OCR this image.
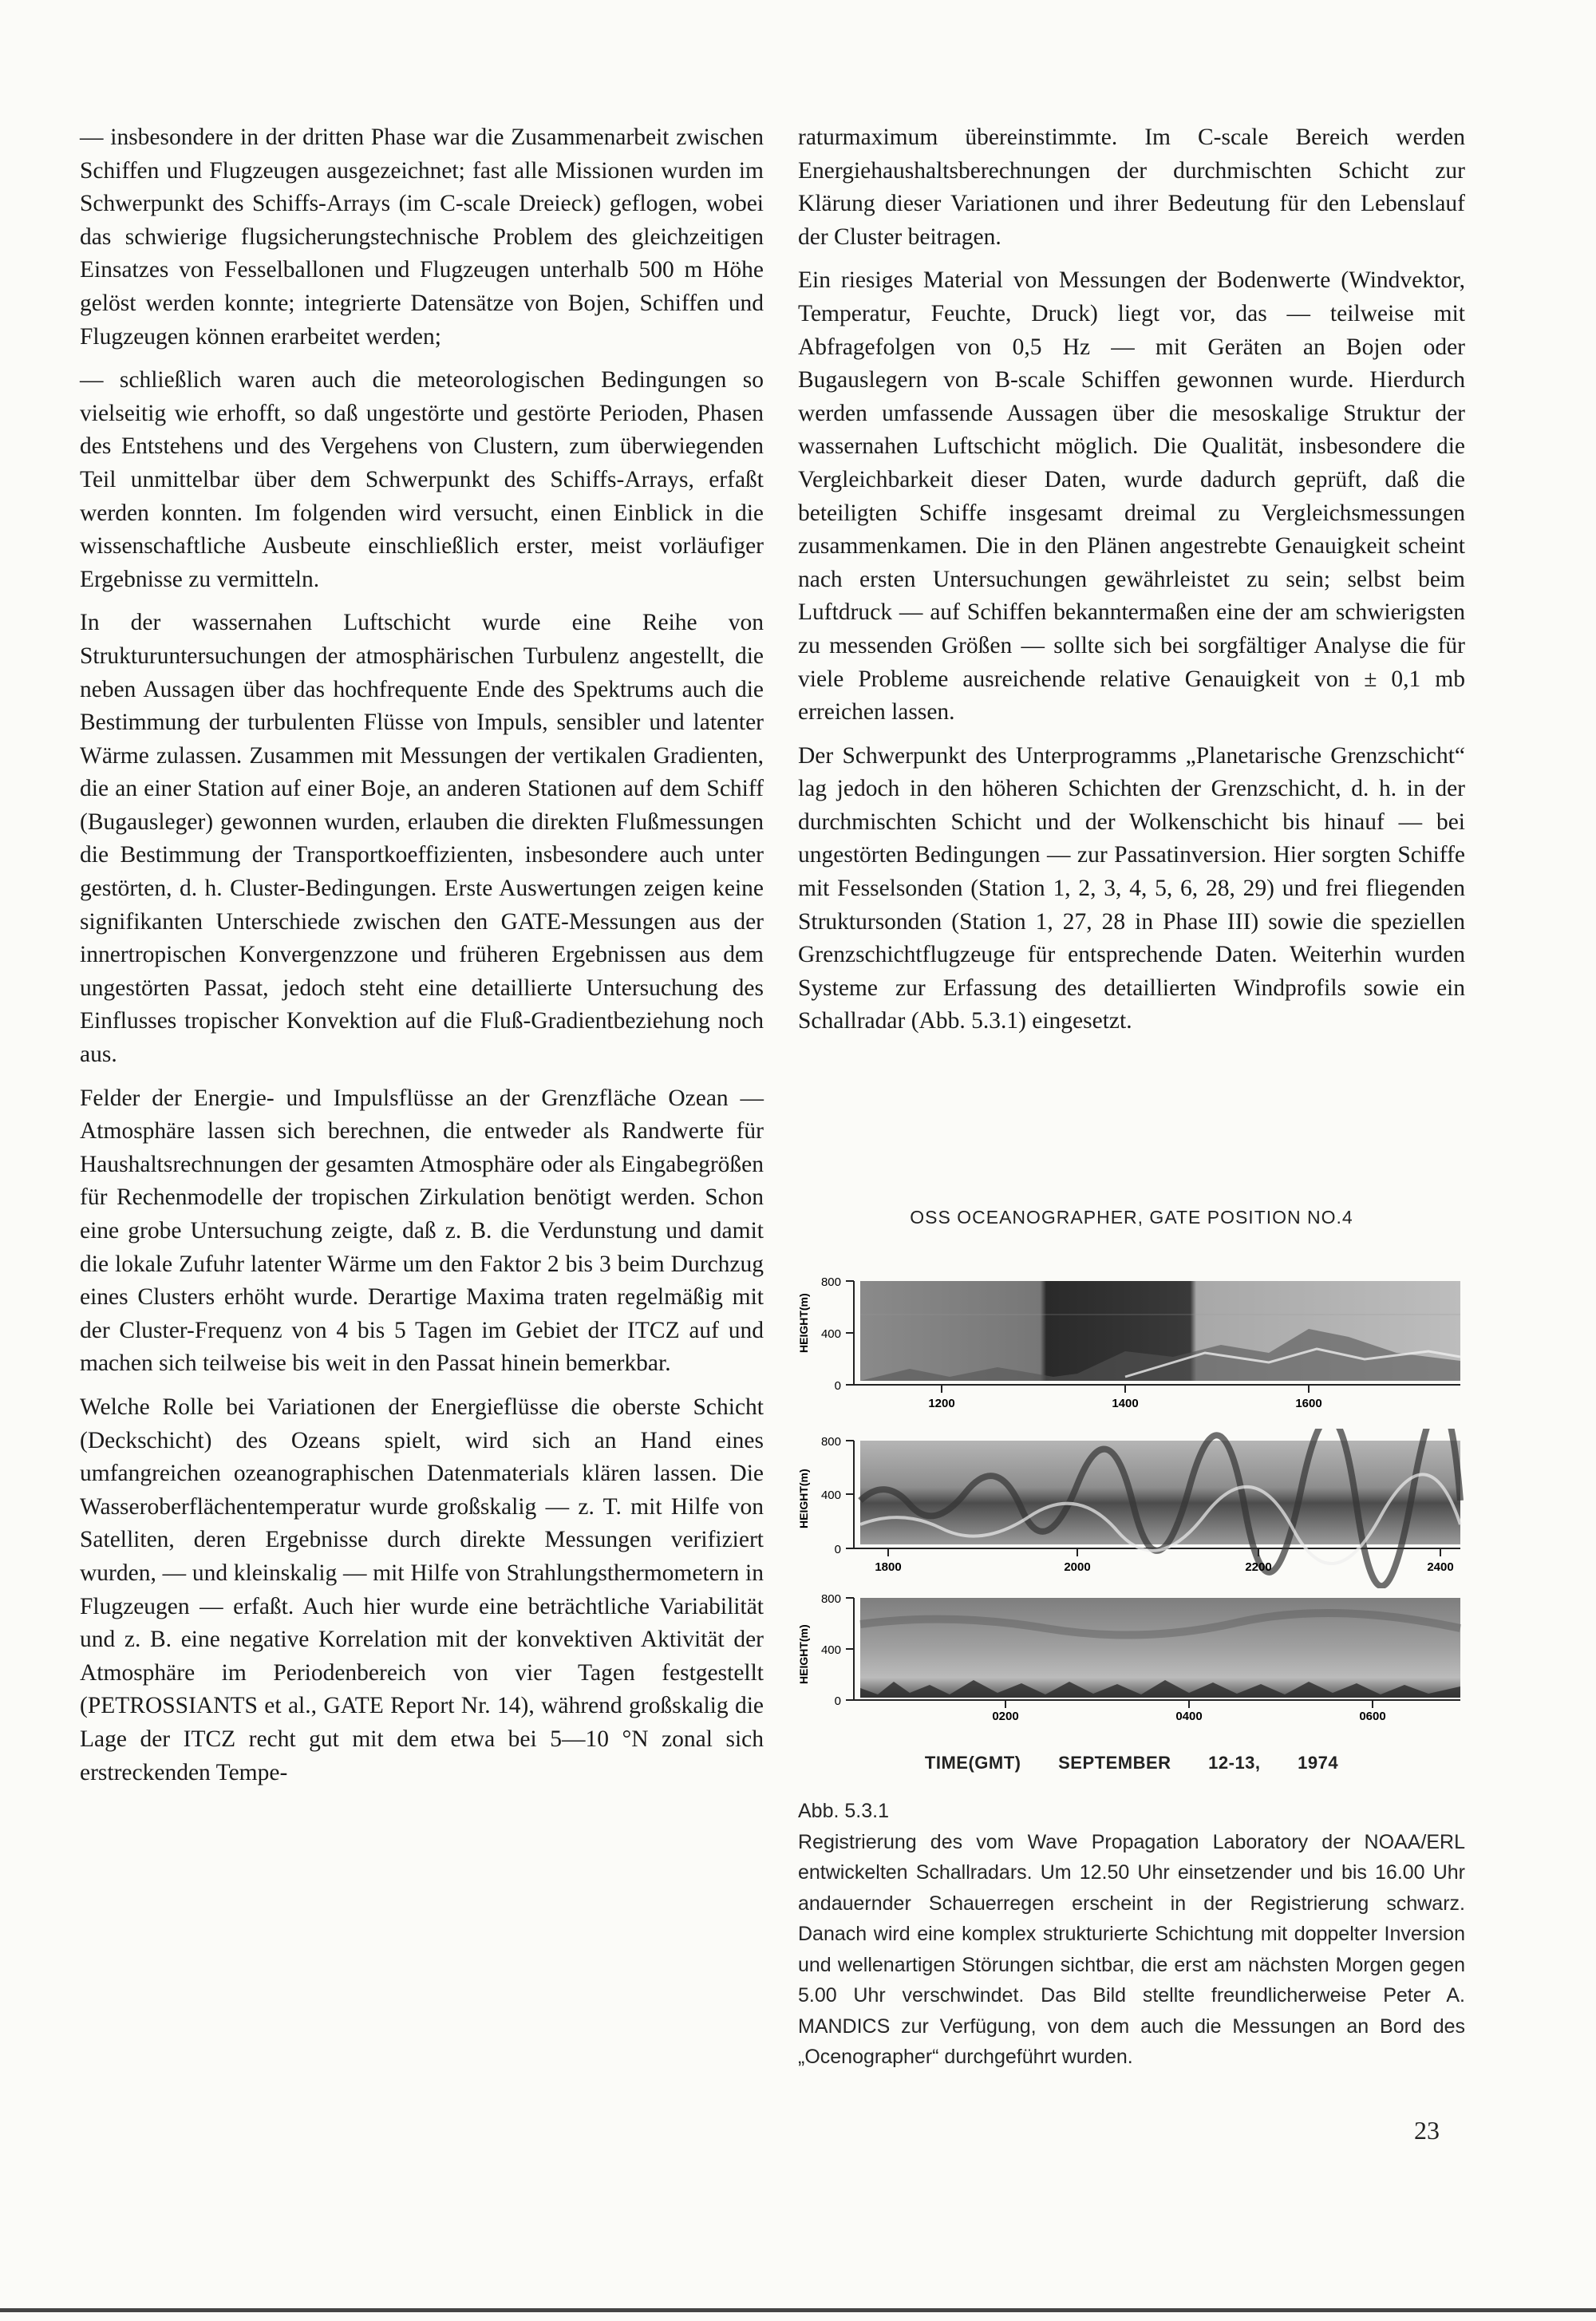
— insbesondere in der dritten Phase war die Zusammenarbeit zwischen Schiffen und Flugzeugen ausgezeichnet; fast alle Missionen wurden im Schwerpunkt des Schiffs-Arrays (im C-scale Dreieck) geflogen, wobei das schwierige flugsicherungstechnische Problem des gleichzeitigen Einsatzes von Fesselballonen und Flugzeugen unterhalb 500 m Höhe gelöst werden konnte; integrierte Datensätze von Bojen, Schiffen und Flugzeugen können erarbeitet werden;

— schließlich waren auch die meteorologischen Bedingungen so vielseitig wie erhofft, so daß ungestörte und gestörte Perioden, Phasen des Entstehens und des Vergehens von Clustern, zum überwiegenden Teil unmittelbar über dem Schwerpunkt des Schiffs-Arrays, erfaßt werden konnten. Im folgenden wird versucht, einen Einblick in die wissenschaftliche Ausbeute einschließlich erster, meist vorläufiger Ergebnisse zu vermitteln.

In der wassernahen Luftschicht wurde eine Reihe von Strukturuntersuchungen der atmosphärischen Turbulenz angestellt, die neben Aussagen über das hochfrequente Ende des Spektrums auch die Bestimmung der turbulenten Flüsse von Impuls, sensibler und latenter Wärme zulassen. Zusammen mit Messungen der vertikalen Gradienten, die an einer Station auf einer Boje, an anderen Stationen auf dem Schiff (Bugausleger) gewonnen wurden, erlauben die direkten Flußmessungen die Bestimmung der Transportkoeffizienten, insbesondere auch unter gestörten, d. h. Cluster-Bedingungen. Erste Auswertungen zeigen keine signifikanten Unterschiede zwischen den GATE-Messungen aus der innertropischen Konvergenzzone und früheren Ergebnissen aus dem ungestörten Passat, jedoch steht eine detaillierte Untersuchung des Einflusses tropischer Konvektion auf die Fluß-Gradientbeziehung noch aus.

Felder der Energie- und Impulsflüsse an der Grenzfläche Ozean — Atmosphäre lassen sich berechnen, die entweder als Randwerte für Haushaltsrechnungen der gesamten Atmosphäre oder als Eingabegrößen für Rechenmodelle der tropischen Zirkulation benötigt werden. Schon eine grobe Untersuchung zeigte, daß z. B. die Verdunstung und damit die lokale Zufuhr latenter Wärme um den Faktor 2 bis 3 beim Durchzug eines Clusters erhöht wurde. Derartige Maxima traten regelmäßig mit der Cluster-Frequenz von 4 bis 5 Tagen im Gebiet der ITCZ auf und machen sich teilweise bis weit in den Passat hinein bemerkbar.

Welche Rolle bei Variationen der Energieflüsse die oberste Schicht (Deckschicht) des Ozeans spielt, wird sich an Hand eines umfangreichen ozeanographischen Datenmaterials klären lassen. Die Wasseroberflächentemperatur wurde großskalig — z. T. mit Hilfe von Satelliten, deren Ergebnisse durch direkte Messungen verifiziert wurden, — und kleinskalig — mit Hilfe von Strahlungsthermometern in Flugzeugen — erfaßt. Auch hier wurde eine beträchtliche Variabilität und z. B. eine negative Korrelation mit der konvektiven Aktivität der Atmosphäre im Periodenbereich von vier Tagen festgestellt (PETROSSIANTS et al., GATE Report Nr. 14), während großskalig die Lage der ITCZ recht gut mit dem etwa bei 5—10 °N zonal sich erstreckenden Tempe-

raturmaximum übereinstimmte. Im C-scale Bereich werden Energiehaushaltsberechnungen der durchmischten Schicht zur Klärung dieser Variationen und ihrer Bedeutung für den Lebenslauf der Cluster beitragen.

Ein riesiges Material von Messungen der Bodenwerte (Windvektor, Temperatur, Feuchte, Druck) liegt vor, das — teilweise mit Abfragefolgen von 0,5 Hz — mit Geräten an Bojen oder Bugauslegern von B-scale Schiffen gewonnen wurde. Hierdurch werden umfassende Aussagen über die mesoskalige Struktur der wassernahen Luftschicht möglich. Die Qualität, insbesondere die Vergleichbarkeit dieser Daten, wurde dadurch geprüft, daß die beteiligten Schiffe insgesamt dreimal zu Vergleichsmessungen zusammenkamen. Die in den Plänen angestrebte Genauigkeit scheint nach ersten Untersuchungen gewährleistet zu sein; selbst beim Luftdruck — auf Schiffen bekanntermaßen eine der am schwierigsten zu messenden Größen — sollte sich bei sorgfältiger Analyse die für viele Probleme ausreichende relative Genauigkeit von ± 0,1 mb erreichen lassen.

Der Schwerpunkt des Unterprogramms „Planetarische Grenzschicht“ lag jedoch in den höheren Schichten der Grenzschicht, d. h. in der durchmischten Schicht und der Wolkenschicht bis hinauf — bei ungestörten Bedingungen — zur Passatinversion. Hier sorgten Schiffe mit Fesselsonden (Station 1, 2, 3, 4, 5, 6, 28, 29) und frei fliegenden Struktursonden (Station 1, 27, 28 in Phase III) sowie die speziellen Grenzschichtflugzeuge für entsprechende Daten. Weiterhin wurden Systeme zur Erfassung des detaillierten Windprofils sowie ein Schallradar (Abb. 5.3.1) eingesetzt.

OSS OCEANOGRAPHER, GATE POSITION NO.4
800
400
0
1200	1400	1600
HEIGHT(m)
800
400
0
1800	2000	2200	2400
HEIGHT(m)
800
400
0
0200	0400	0600
HEIGHT(m)
TIME(GMT) SEPTEMBER 12-13, 1974
Abb. 5.3.1
Registrierung des vom Wave Propagation Laboratory der NOAA/ERL entwickelten Schallradars. Um 12.50 Uhr einsetzender und bis 16.00 Uhr andauernder Schauerregen erscheint in der Registrierung schwarz. Danach wird eine komplex strukturierte Schichtung mit doppelter Inversion und wellenartigen Störungen sichtbar, die erst am nächsten Morgen gegen 5.00 Uhr verschwindet. Das Bild stellte freundlicherweise Peter A. MANDICS zur Verfügung, von dem auch die Messungen an Bord des „Ocenographer“ durchgeführt wurden.
23
